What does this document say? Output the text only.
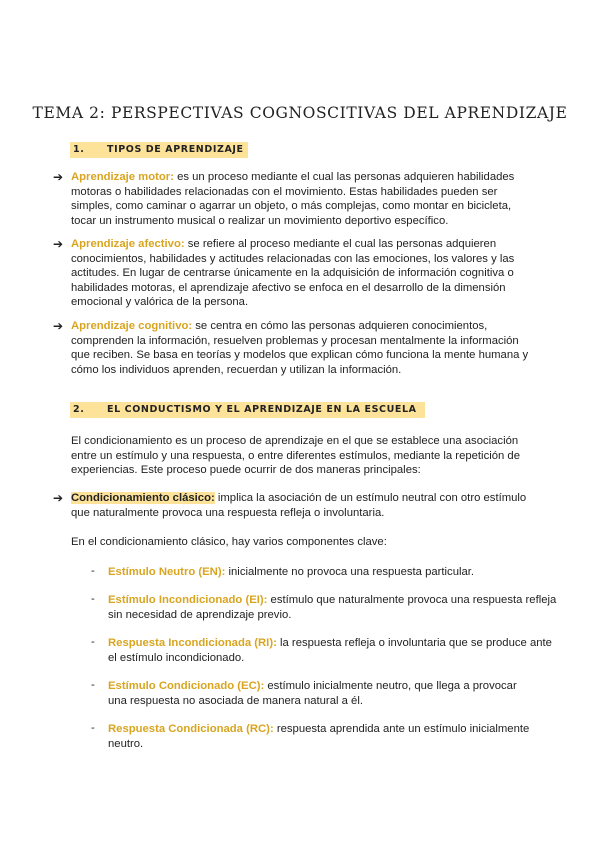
TEMA 2: PERSPECTIVAS COGNOSCITIVAS DEL APRENDIZAJE
1. TIPOS DE APRENDIZAJE
➔ Aprendizaje motor: es un proceso mediante el cual las personas adquieren habilidades motoras o habilidades relacionadas con el movimiento. Estas habilidades pueden ser simples, como caminar o agarrar un objeto, o más complejas, como montar en bicicleta, tocar un instrumento musical o realizar un movimiento deportivo específico.
➔ Aprendizaje afectivo: se refiere al proceso mediante el cual las personas adquieren conocimientos, habilidades y actitudes relacionadas con las emociones, los valores y las actitudes. En lugar de centrarse únicamente en la adquisición de información cognitiva o habilidades motoras, el aprendizaje afectivo se enfoca en el desarrollo de la dimensión emocional y valórica de la persona.
➔ Aprendizaje cognitivo: se centra en cómo las personas adquieren conocimientos, comprenden la información, resuelven problemas y procesan mentalmente la información que reciben. Se basa en teorías y modelos que explican cómo funciona la mente humana y cómo los individuos aprenden, recuerdan y utilizan la información.
2. EL CONDUCTISMO Y EL APRENDIZAJE EN LA ESCUELA
El condicionamiento es un proceso de aprendizaje en el que se establece una asociación entre un estímulo y una respuesta, o entre diferentes estímulos, mediante la repetición de experiencias. Este proceso puede ocurrir de dos maneras principales:
➔ Condicionamiento clásico: implica la asociación de un estímulo neutral con otro estímulo que naturalmente provoca una respuesta refleja o involuntaria.
En el condicionamiento clásico, hay varios componentes clave:
- Estímulo Neutro (EN): inicialmente no provoca una respuesta particular.
- Estímulo Incondicionado (EI): estímulo que naturalmente provoca una respuesta refleja sin necesidad de aprendizaje previo.
- Respuesta Incondicionada (RI): la respuesta refleja o involuntaria que se produce ante el estímulo incondicionado.
- Estímulo Condicionado (EC): estímulo inicialmente neutro, que llega a provocar una respuesta no asociada de manera natural a él.
- Respuesta Condicionada (RC): respuesta aprendida ante un estímulo inicialmente neutro.
